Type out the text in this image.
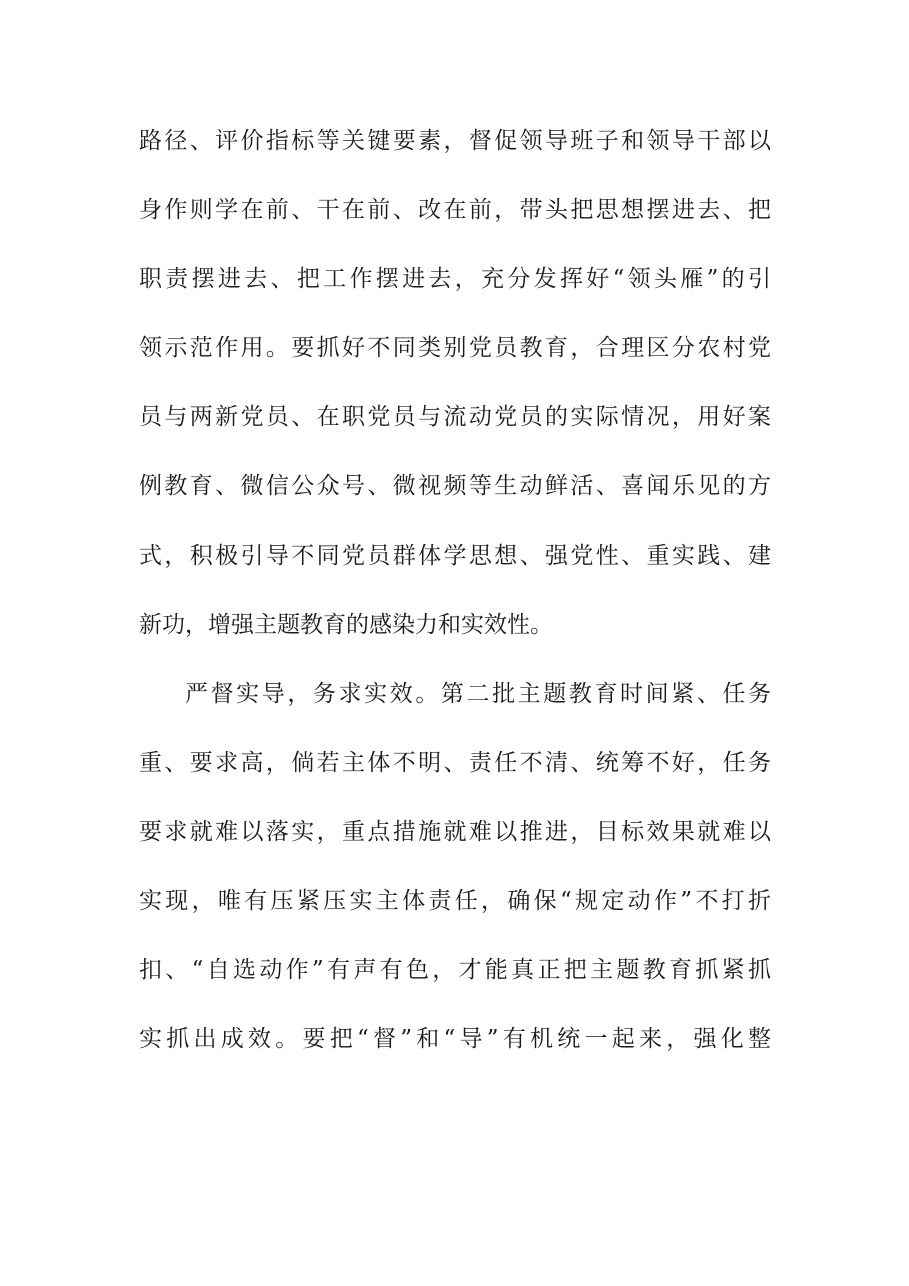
路径、评价指标等关键要素，督促领导班子和领导干部以
身作则学在前、干在前、改在前，带头把思想摆进去、把
职责摆进去、把工作摆进去，充分发挥好“领头雁”的引
领示范作用。要抓好不同类别党员教育，合理区分农村党
员与两新党员、在职党员与流动党员的实际情况，用好案
例教育、微信公众号、微视频等生动鲜活、喜闻乐见的方
式，积极引导不同党员群体学思想、强党性、重实践、建
新功，增强主题教育的感染力和实效性。
严督实导，务求实效。第二批主题教育时间紧、任务
重、要求高，倘若主体不明、责任不清、统筹不好，任务
要求就难以落实，重点措施就难以推进，目标效果就难以
实现，唯有压紧压实主体责任，确保“规定动作”不打折
扣、“自选动作”有声有色，才能真正把主题教育抓紧抓
实抓出成效。要把“督”和“导”有机统一起来，强化整
